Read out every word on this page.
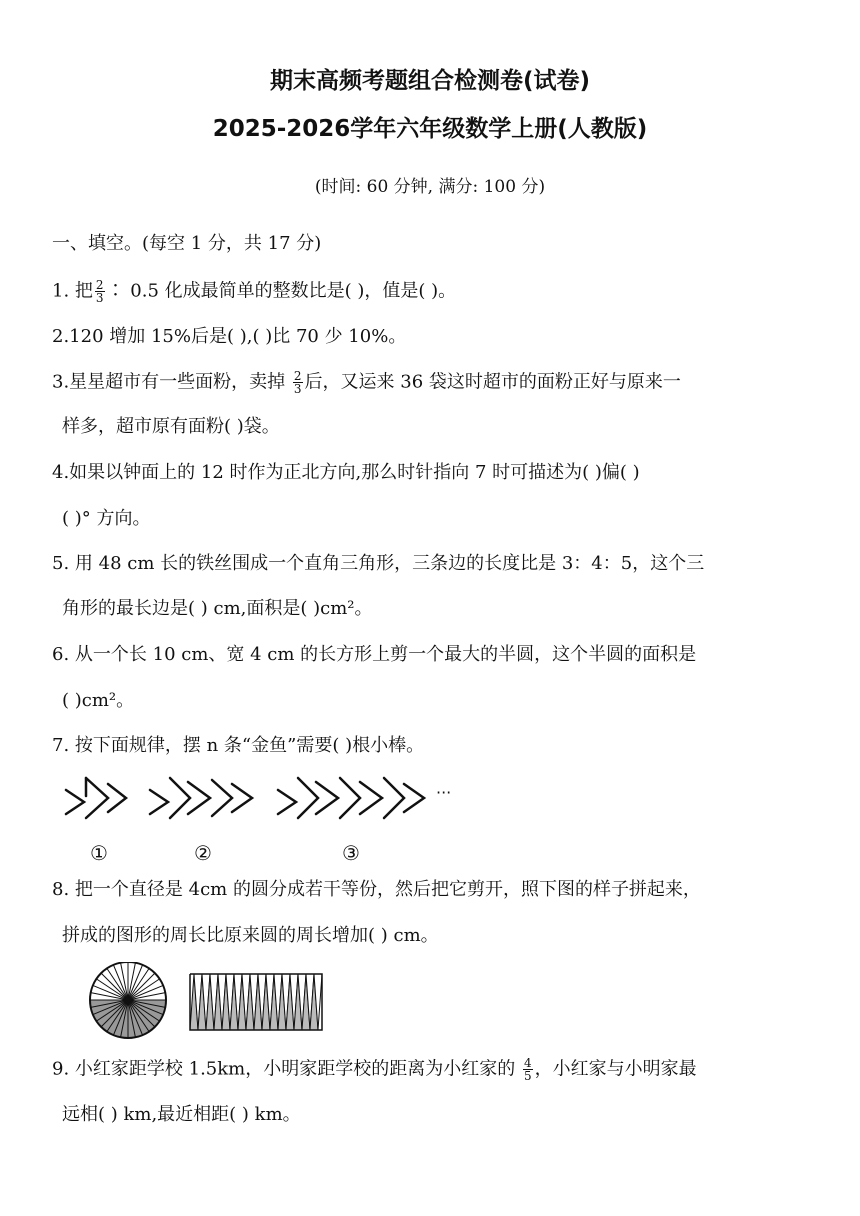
期末高频考题组合检测卷(试卷)
2025-2026学年六年级数学上册(人教版)
(时间: 60 分钟, 满分: 100 分)
一、填空。(每空 1 分，共 17 分)
1. 把 $\frac{2}{3}$ ∶ 0.5 化成最简单的整数比是( )，值是( )。
2.120 增加 15%后是( ),( )比 70 少 10%。
3.星星超市有一些面粉，卖掉 $\frac{2}{3}$ 后，又运来 36 袋这时超市的面粉正好与原来一
样多，超市原有面粉( )袋。
4.如果以钟面上的 12 时作为正北方向,那么时针指向 7 时可描述为( )偏( )
( )° 方向。
5. 用 48 cm 长的铁丝围成一个直角三角形，三条边的长度比是 3：4：5，这个三
角形的最长边是( ) cm,面积是( )cm²。
6. 从一个长 10 cm、宽 4 cm 的长方形上剪一个最大的半圆，这个半圆的面积是
( )cm²。
7. 按下面规律，摆 n 条“金鱼”需要( )根小棒。
···
①	②	③
8. 把一个直径是 4cm 的圆分成若干等份，然后把它剪开，照下图的样子拼起来，
拼成的图形的周长比原来圆的周长增加( ) cm。
9. 小红家距学校 1.5km，小明家距学校的距离为小红家的 $\frac{4}{5}$ ，小红家与小明家最
远相( ) km,最近相距( ) km。
